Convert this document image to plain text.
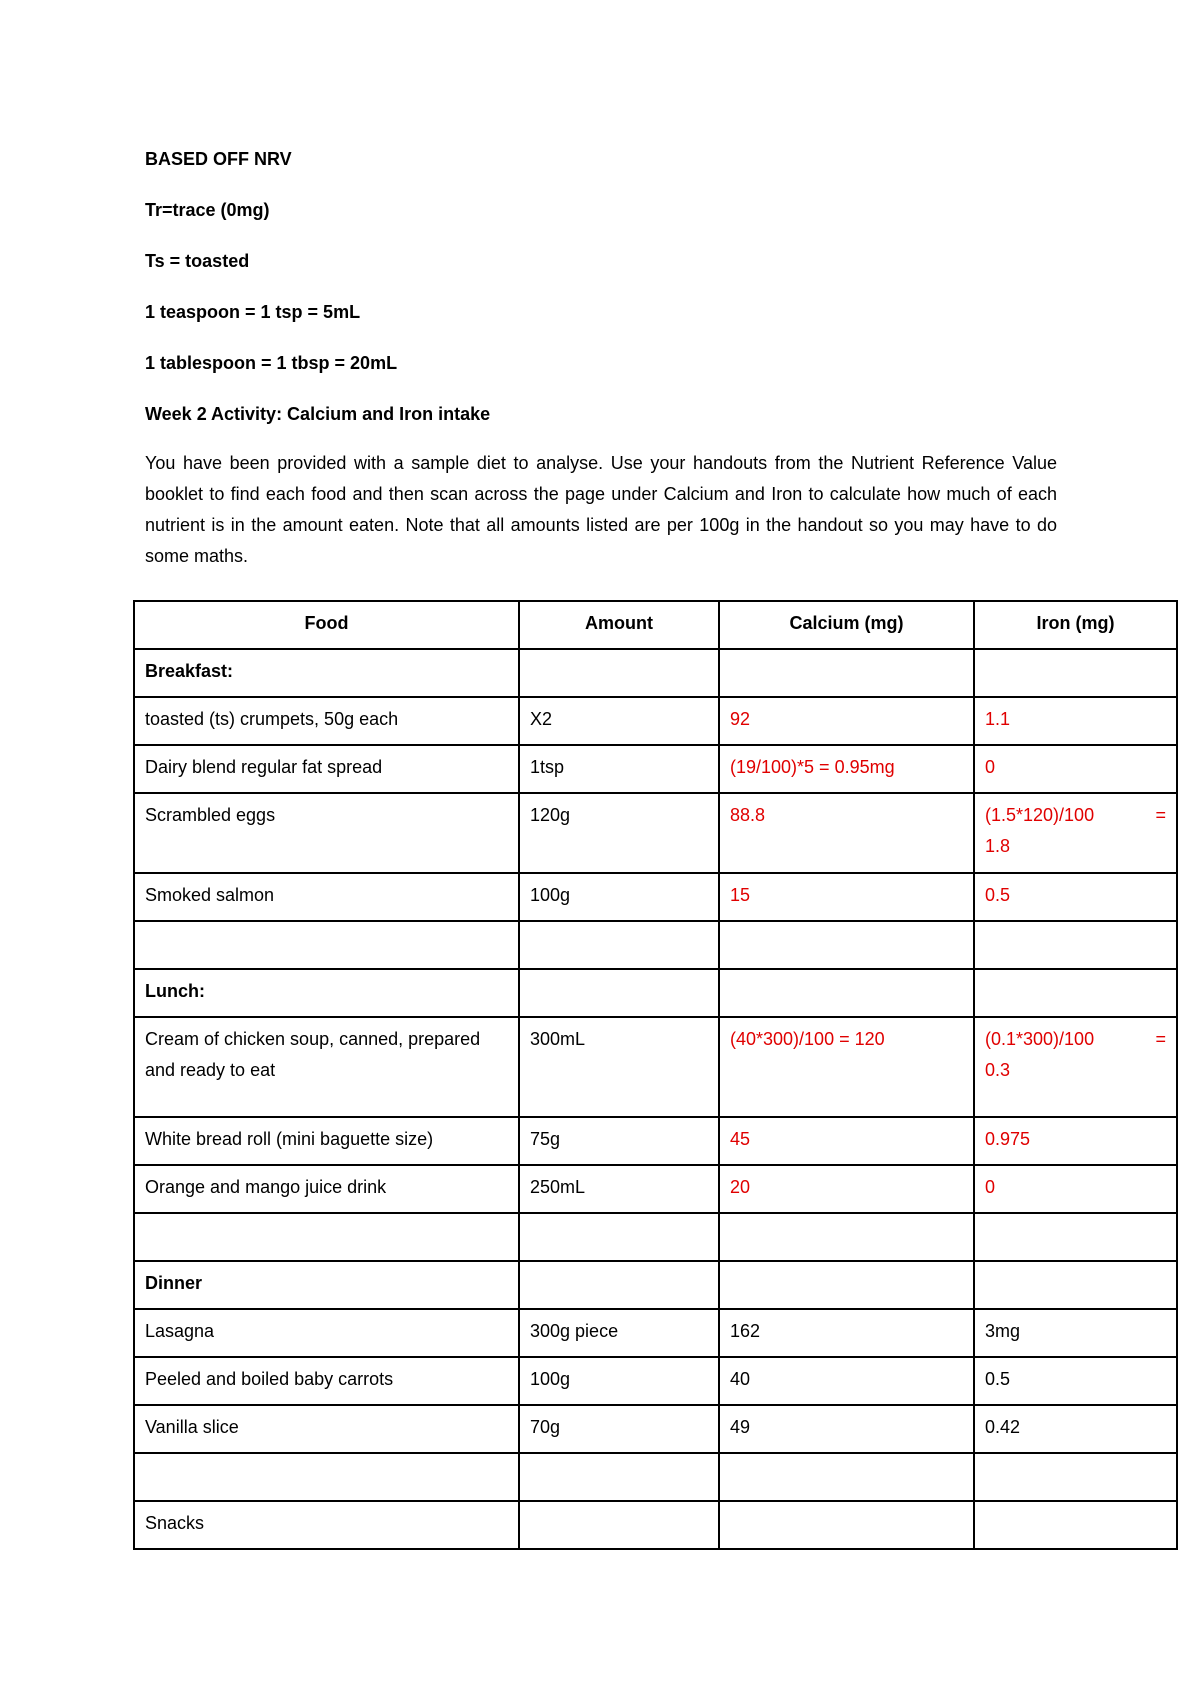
BASED OFF NRV

Tr=trace (0mg)

Ts = toasted

1 teaspoon = 1 tsp = 5mL

1 tablespoon = 1 tbsp = 20mL

Week 2 Activity: Calcium and Iron intake

You have been provided with a sample diet to analyse. Use your handouts from the Nutrient Reference Value booklet to find each food and then scan across the page under Calcium and Iron to calculate how much of each nutrient is in the amount eaten. Note that all amounts listed are per 100g in the handout so you may have to do some maths.

Food	Amount	Calcium (mg)	Iron (mg)
Breakfast:			
toasted (ts) crumpets, 50g each	X2	92	1.1
Dairy blend regular fat spread	1tsp	(19/100)*5 = 0.95mg	0
Scrambled eggs	120g	88.8	(1.5*120)/100 =
1.8

Smoked salmon	100g	15	0.5

Lunch:			
Cream of chicken soup, canned, prepared and ready to eat	300mL	(40*300)/100 = 120	(0.1*300)/100 =
0.3

White bread roll (mini baguette size)	75g	45	0.975
Orange and mango juice drink	250mL	20	0

Dinner			
Lasagna	300g piece	162	3mg
Peeled and boiled baby carrots	100g	40	0.5
Vanilla slice	70g	49	0.42

Snacks			
